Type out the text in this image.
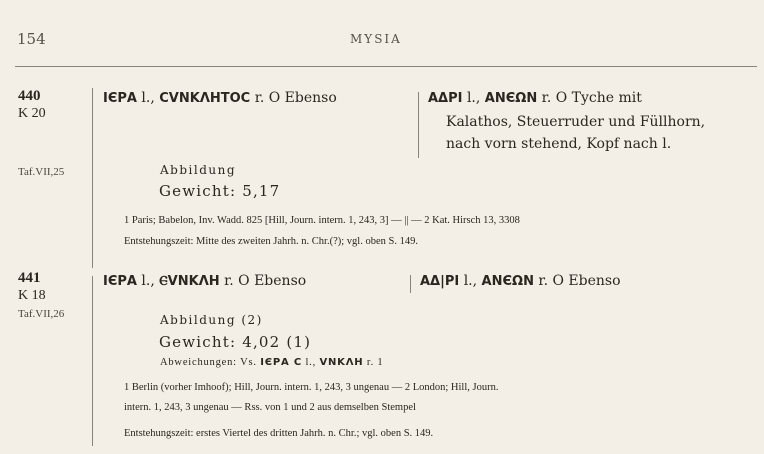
154	MYSIA
440
K 20
Taf.VII,25
ΙЄΡΑ l., CVNKΛΗΤΟC r. Ο Ebenso	ΑΔΡΙ l., ΑΝЄΩΝ r. Ο Tyche mit
Kalathos, Steuerruder und Füllhorn,
nach vorn stehend, Kopf nach l.
Abbildung
Gewicht: 5,17
1 Paris; Babelon, Inv. Wadd. 825 [Hill, Journ. intern. 1, 243, 3] — || — 2 Kat. Hirsch 13, 3308
Entstehungszeit: Mitte des zweiten Jahrh. n. Chr.(?); vgl. oben S. 149.
441
K 18
Taf.VII,26
ΙЄΡΑ l., ⲈVΝΚΛΗ r. Ο Ebenso	ΑΔ|ΡΙ l., ΑΝЄΩΝ r. Ο Ebenso
Abbildung (2)
Gewicht: 4,02 (1)
Abweichungen: Vs. ΙЄΡΑ C l., VΝΚΛΗ r. 1
1 Berlin (vorher Imhoof); Hill, Journ. intern. 1, 243, 3 ungenau — 2 London; Hill, Journ.
intern. 1, 243, 3 ungenau — Rss. von 1 und 2 aus demselben Stempel
Entstehungszeit: erstes Viertel des dritten Jahrh. n. Chr.; vgl. oben S. 149.
